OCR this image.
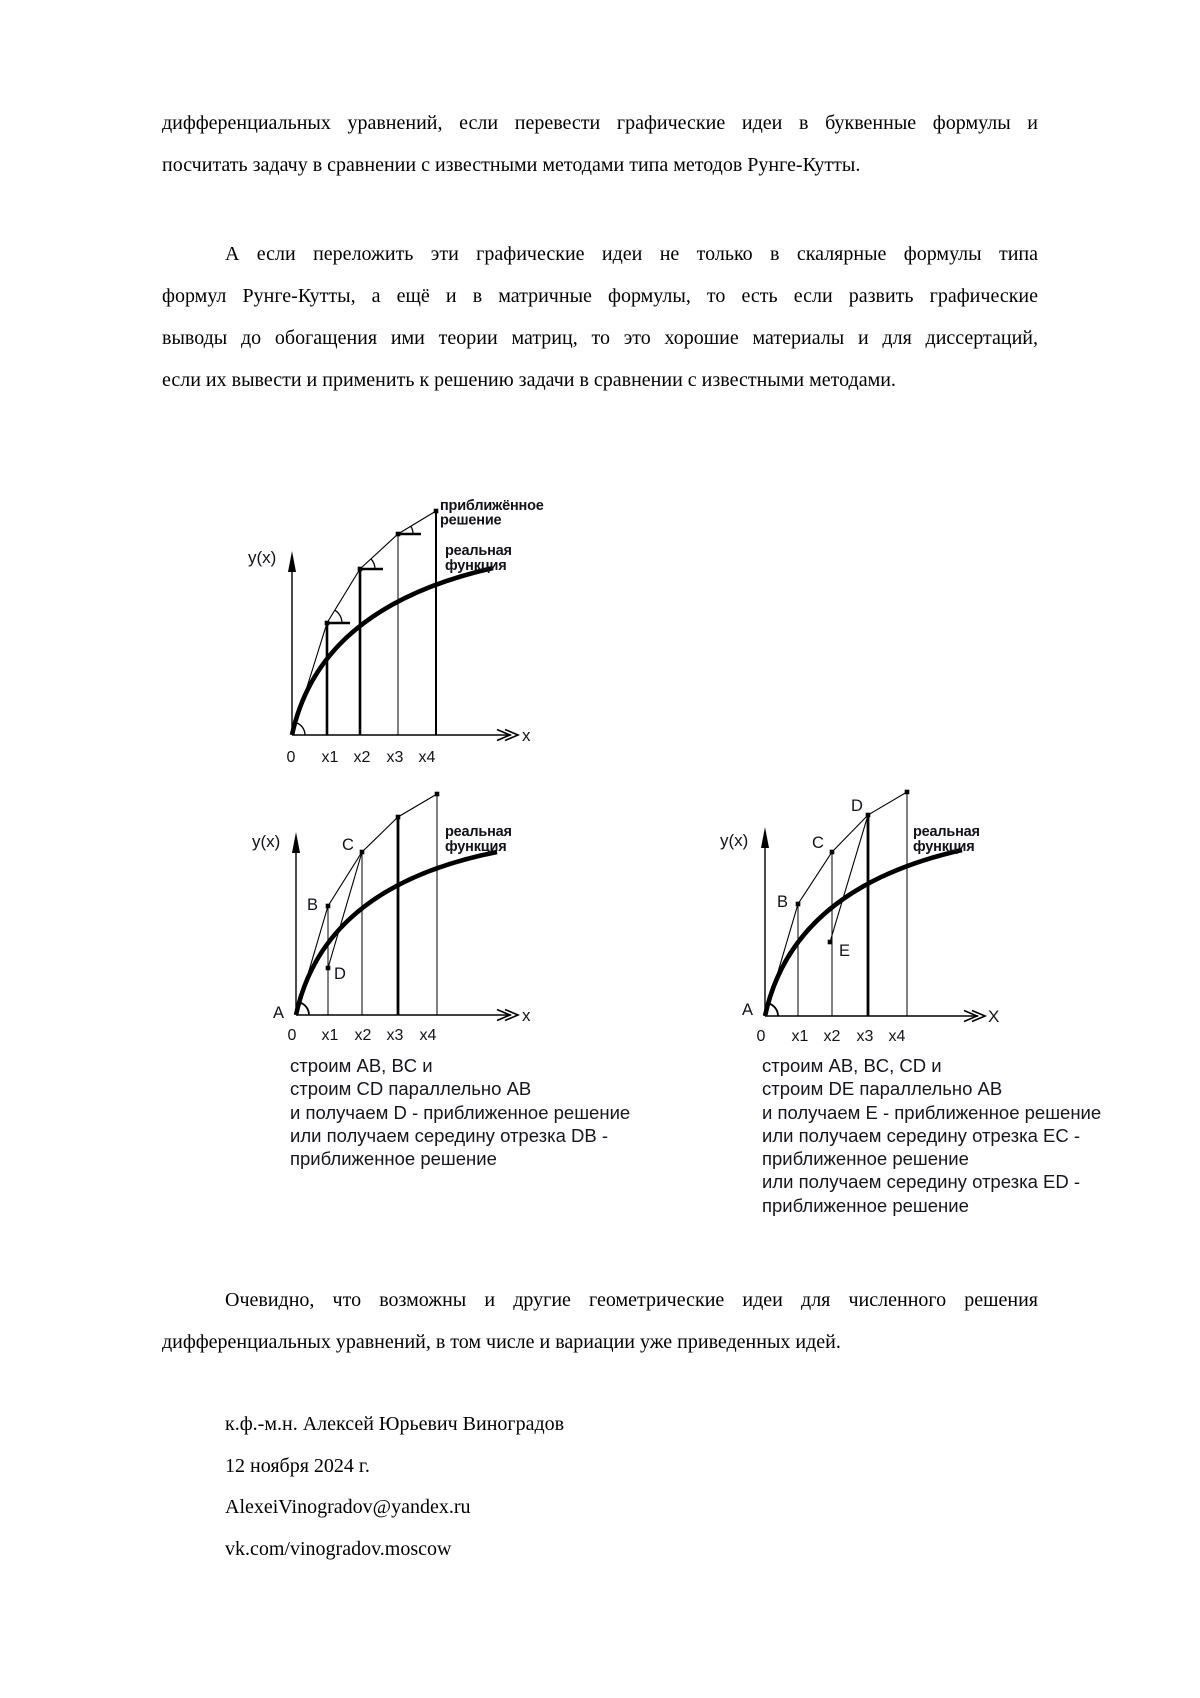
дифференциальных уравнений, если перевести графические идеи в буквенные формулы и
посчитать задачу в сравнении с известными методами типа методов Рунге-Кутты.
А если переложить эти графические идеи не только в скалярные формулы типа
формул Рунге-Кутты, а ещё и в матричные формулы, то есть если развить графические
выводы до обогащения ими теории матриц, то это хорошие материалы и для диссертаций,
если их вывести и применить к решению задачи в сравнении с известными методами.
y(x)
x
0 x1 x2 x3 x4
приближённое
решение
реальная
функция
y(x)
x
0 x1 x2 x3 x4
A
B
C
D
реальная
функция	y(x)
X
0 x1 x2 x3 x4
A
B
C
D
E
реальная
функция
строим AB, BC и
строим CD параллельно AB
и получаем D - приближенное решение
или получаем середину отрезка DB -
приближенное решение
строим AB, BC, CD и
строим DE параллельно AB
и получаем E - приближенное решение
или получаем середину отрезка EC -
приближенное решение
или получаем середину отрезка ED -
приближенное решение
Очевидно, что возможны и другие геометрические идеи для численного решения
дифференциальных уравнений, в том числе и вариации уже приведенных идей.
к.ф.-м.н. Алексей Юрьевич Виноградов
12 ноября 2024 г.
AlexeiVinogradov@yandex.ru
vk.com/vinogradov.moscow
